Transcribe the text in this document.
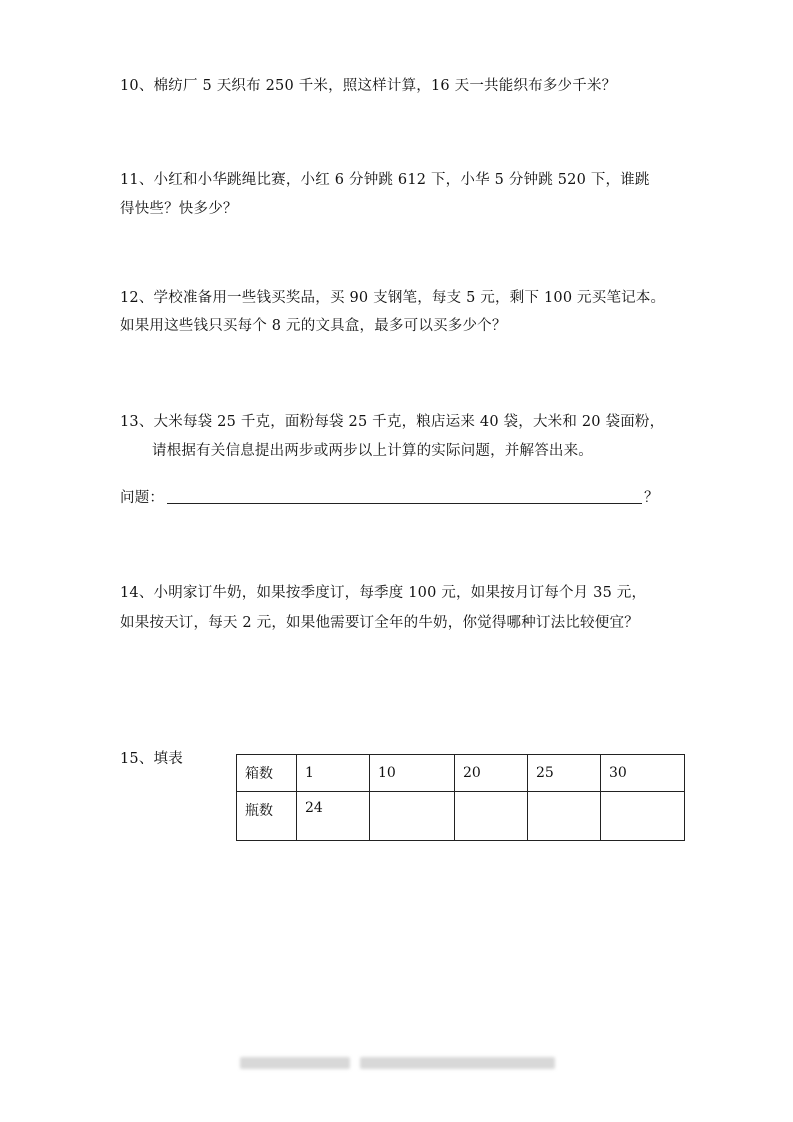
10、棉纺厂 5 天织布 250 千米，照这样计算，16 天一共能织布多少千米？
11、小红和小华跳绳比赛，小红 6 分钟跳 612 下，小华 5 分钟跳 520 下，谁跳
得快些？快多少？
12、学校准备用一些钱买奖品，买 90 支钢笔，每支 5 元，剩下 100 元买笔记本。
如果用这些钱只买每个 8 元的文具盒，最多可以买多少个？
13、大米每袋 25 千克，面粉每袋 25 千克，粮店运来 40 袋，大米和 20 袋面粉，
请根据有关信息提出两步或两步以上计算的实际问题，并解答出来。
问题：	？
14、小明家订牛奶，如果按季度订，每季度 100 元，如果按月订每个月 35 元，
如果按天订，每天 2 元，如果他需要订全年的牛奶，你觉得哪种订法比较便宜？
15、填表
箱数	1	10	20	25	30
瓶数	24				
